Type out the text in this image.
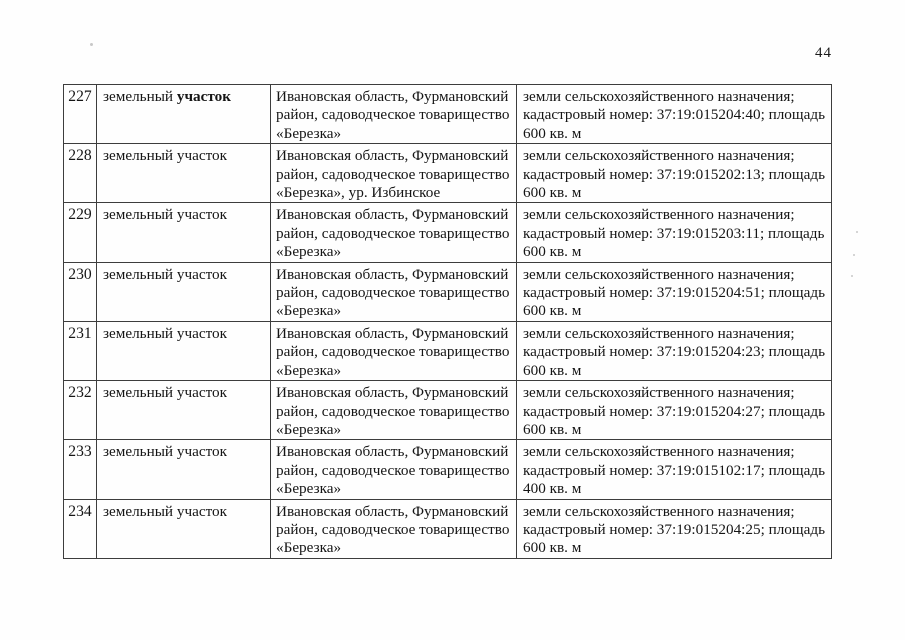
44
227	земельный участок	Ивановская область, Фурмановский район, садоводческое товарищество «Березка»	земли сельскохозяйственного назначения; кадастровый номер: 37:19:015204:40; площадь 600 кв. м
228	земельный участок	Ивановская область, Фурмановский район, садоводческое товарищество «Березка», ур. Избинское	земли сельскохозяйственного назначения; кадастровый номер: 37:19:015202:13; площадь 600 кв. м
229	земельный участок	Ивановская область, Фурмановский район, садоводческое товарищество «Березка»	земли сельскохозяйственного назначения; кадастровый номер: 37:19:015203:11; площадь 600 кв. м
230	земельный участок	Ивановская область, Фурмановский район, садоводческое товарищество «Березка»	земли сельскохозяйственного назначения; кадастровый номер: 37:19:015204:51; площадь 600 кв. м
231	земельный участок	Ивановская область, Фурмановский район, садоводческое товарищество «Березка»	земли сельскохозяйственного назначения; кадастровый номер: 37:19:015204:23; площадь 600 кв. м
232	земельный участок	Ивановская область, Фурмановский район, садоводческое товарищество «Березка»	земли сельскохозяйственного назначения; кадастровый номер: 37:19:015204:27; площадь 600 кв. м
233	земельный участок	Ивановская область, Фурмановский район, садоводческое товарищество «Березка»	земли сельскохозяйственного назначения; кадастровый номер: 37:19:015102:17; площадь 400 кв. м
234	земельный участок	Ивановская область, Фурмановский район, садоводческое товарищество «Березка»	земли сельскохозяйственного назначения; кадастровый номер: 37:19:015204:25; площадь 600 кв. м
